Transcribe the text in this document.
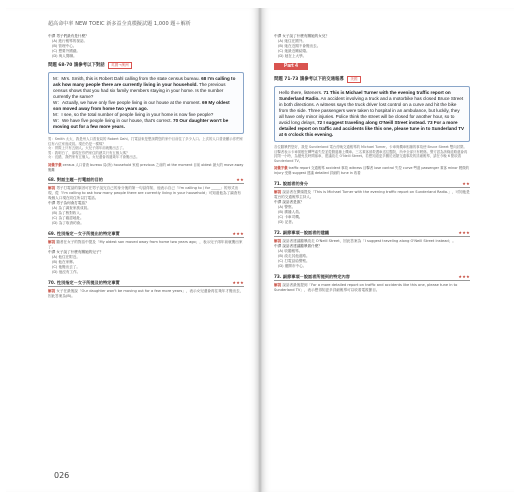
超高命中率 NEW TOEIC 新多益全真模擬試題 1,000 題＋解析
中譯 男子們最有是什麼？
(A) 進行報導的採訪。
(B) 管理中心。
(C) 想要外國錢。
(D) 與人閒聊。
問題 68-70 請參考以下對話 英國→澳洲
M：Mrs. Smith, this is Robert Dahl calling from the state census bureau. 68 I'm calling to ask how many people there are currently living in your household. The previous census shows that you had six family members staying in your home. Is the number currently the same?
W：Actually, we have only five people living in our house at the moment. 69 My oldest son moved away from home two years ago.
M：I see, so the total number of people living in your home is now five people?
W：We have five people living in our house, that's correct. 70 Our daughter won't be moving out for a few more years.
男：Smith 太太，我是州人口普查局的 Robert Dahl。打電話來是想詢問您的家中目前住了多少人口。上次的人口普查顯示你們家住有六位家庭成員。現在仍是一樣嗎？
女：實際上只有五個人。大兒子兩年前就搬出去了。
男：我明白了，那現在你們家住的總共只有五個人嗎？
女：沒錯，我們家有五個人。女兒還會再過幾年才會搬出去。
詞彙字彙 census 人口普查 bureau 局(所) household 家庭 previous 之前的 at the moment 目前 oldest 最大的 move away 搬離
68. 對話主題－打電話的目的	★★
解說 男子打電話的原因可在男子說完自己的身分後的第一句話得知，他表示自己「I'm calling to / for _____」的形式出現，從「I'm calling to ask how many people there are currently living in your household」可知道他為了調查有幾個人口現在同住所以打電話。
中譯 男子為何會打電話？
(A) 為了調查家族成員。
(B) 為了核對收入。
(C) 為了確認地址。
(D) 為了取消約會。
69. 性別指定－女子所提出的特定事實	★★★
解說 聽者在女子的對話中提及「My oldest son moved away from home two years ago」，表示兒子兩年前就搬出家了。
中譯 女子說了什麼有關她的兒子？
(A) 他住在附近。
(B) 他在家鄉。
(C) 他搬出去了。
(D) 他沒有工作。
70. 性別指定－女子所提及的特定事實	★★★
解說 女子在最後說「Our daughter won't be moving out for a few more years」，表示女兒還會再住幾年才搬出去，因此答案為(B)。
026
中譯 女子說了什麼有關她的女兒？
(A) 她住在國外。
(B) 她在近期不會搬出去。
(C) 她最近剛結婚。
(D) 她在上大學。
Part 4
問題 71-73 請參考以下的交通報導 美國
Hello there, listeners. 71 This is Michael Turner with the evening traffic report on Sunderland Radio. An accident involving a truck and a motorbike has closed Bruce Street in both directions. A witness says the truck driver lost control on a curve and hit the bike from the side. Three passengers were taken to hospital in an ambulance, but luckily, they all have only minor injuries. Police think the street will be closed for another hour, so to avoid long delays, 72 I suggest traveling along O'Neill Street instead. 73 For a more detailed report on traffic and accidents like this one, please tune in to Sunderland TV at 6 o'clock this evening.
各位聽眾們您好，我是 Sunderland 電台傍晚交通報導的 Michael Turner。卡車與機車相撞的事故使 Bruce Street 雙向封閉。目擊者表示卡車駕駛在轉彎處失控並從側邊撞上機車。三名乘客被救護車送往醫院，所幸全部只有輕傷。警方認為該條道路還會再封閉一小時，為避免長時間塞車，建議改走 O'Neill Street。若想知道更多關於這類交通事故的詳細報導，請在今晚 6 點收看 Sunderland TV。
詞彙字彙 traffic report 交通報導 accident 事故 witness 目擊者 lose control 失控 curve 彎道 passenger 乘客 minor 輕微的 injury 受傷 suggest 建議 detailed 詳細的 tune in 收看
71. 說話者的身分	★★
解說 說話者在開頭提及「This is Michael Turner with the evening traffic report on Sunderland Radio.」，可知他是電台的交通報導主持人。
中譯 說話者是誰？
(A) 警察。
(B) 廣播人員。
(C) 卡車司機。
(D) 記者。
72. 細節事項－說話者的建議	★★★
解說 說話者建議聽眾改走 O'Neill Street，因此答案為「I suggest traveling along O'Neill Street instead」。
中譯 說話者建議聽眾做什麼？
(A) 收聽報導。
(B) 改走其他道路。
(C) 打電話給警察。
(D) 避開市中心。
73. 細節事項－說話者所提到的特定內容	★★★
解說 說話者最後提到「For a more detailed report on traffic and accidents like this one, please tune in to Sunderland TV」，表示想得知更多詳細報導可以收看電視節目。
